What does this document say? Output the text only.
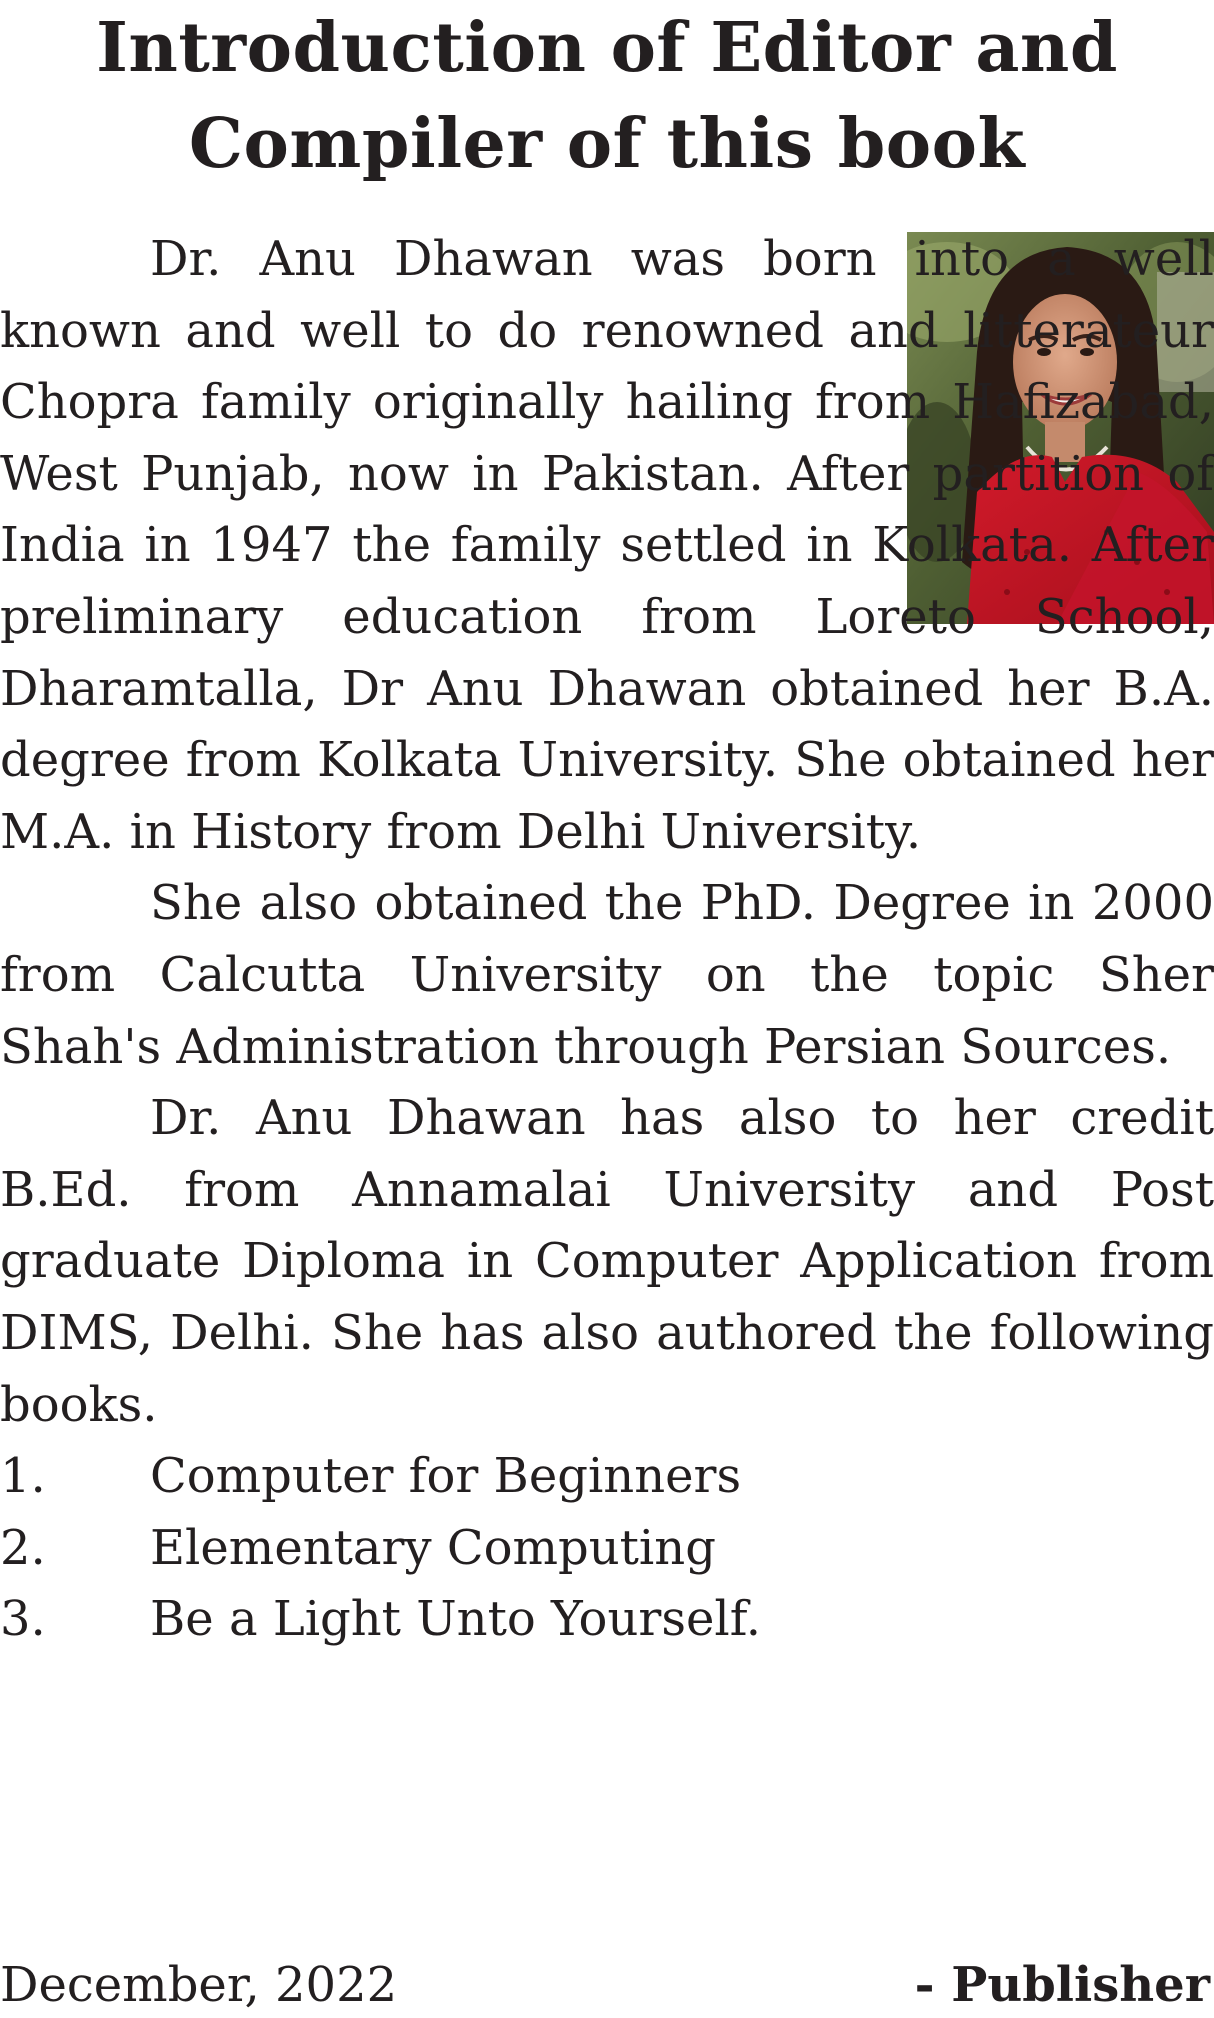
Introduction of Editor and
Compiler of this book

Dr. Anu Dhawan was born into a well known and well to do renowned and litterateur Chopra family originally hailing from Hafizabad, West Punjab, now in Pakistan. After partition of India in 1947 the family settled in Kolkata. After preliminary education from Loreto School, Dharamtalla, Dr Anu Dhawan obtained her B.A. degree from Kolkata University. She obtained her M.A. in History from Delhi University.

She also obtained the PhD. Degree in 2000 from Calcutta University on the topic Sher Shah's Administration through Persian Sources.

Dr. Anu Dhawan has also to her credit B.Ed. from Annamalai University and Post graduate Diploma in Computer Application from DIMS, Delhi. She has also authored the following books.

1.	Computer for Beginners
2.	Elementary Computing
3.	Be a Light Unto Yourself.
December, 2022	- Publisher
